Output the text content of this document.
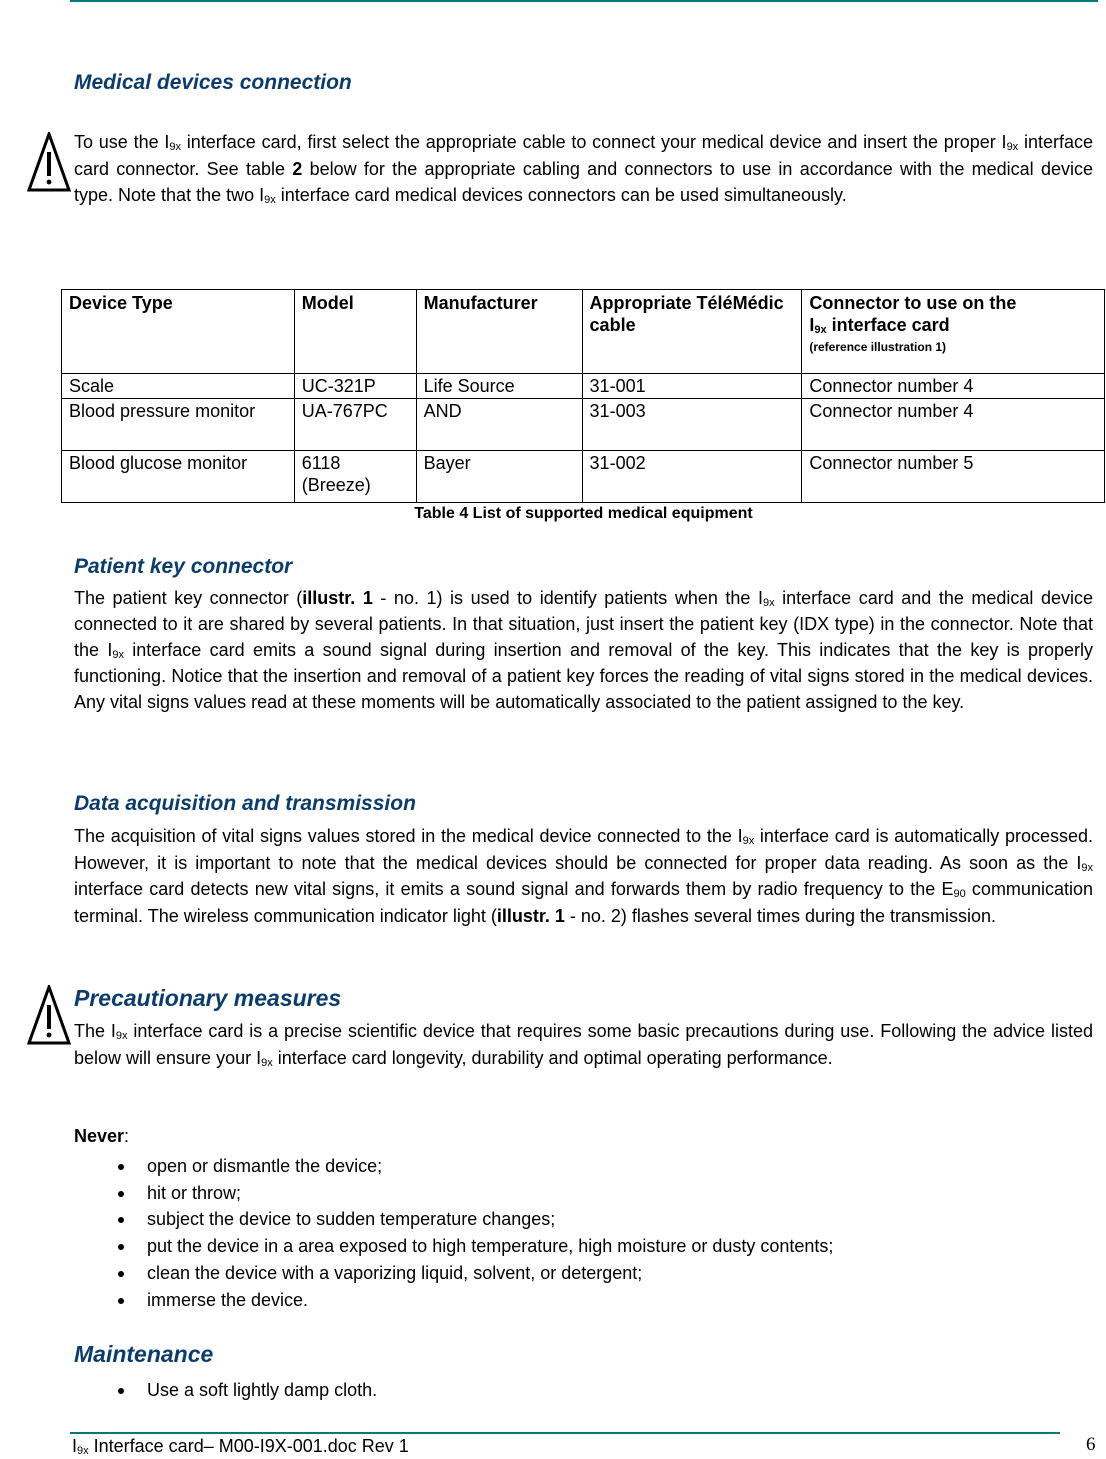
Medical devices connection

To use the $I_{9x}$ interface card, first select the appropriate cable to connect your medical device and insert the proper $I_{9x}$ interface card connector. See table 2 below for the appropriate cabling and connectors to use in accordance with the medical device type. Note that the two $I_{9x}$ interface card medical devices connectors can be used simultaneously.

Device Type	Model	Manufacturer	Appropriate TéléMédic cable	Connector to use on the
$I_{9x}$ interface card
(reference illustration 1)

Scale	UC-321P	Life Source	31-001	Connector number 4
Blood pressure monitor	UA-767PC	AND	31-003	Connector number 4
Blood glucose monitor	6118 (Breeze)	Bayer	31-002	Connector number 5
Table 4 List of supported medical equipment
Patient key connector

The patient key connector (illustr. 1 - no. 1) is used to identify patients when the $I_{9x}$ interface card and the medical device connected to it are shared by several patients. In that situation, just insert the patient key (IDX type) in the connector. Note that the $I_{9x}$ interface card emits a sound signal during insertion and removal of the key. This indicates that the key is properly functioning. Notice that the insertion and removal of a patient key forces the reading of vital signs stored in the medical devices. Any vital signs values read at these moments will be automatically associated to the patient assigned to the key.

Data acquisition and transmission

The acquisition of vital signs values stored in the medical device connected to the $I_{9x}$ interface card is automatically processed. However, it is important to note that the medical devices should be connected for proper data reading. As soon as the $I_{9x}$ interface card detects new vital signs, it emits a sound signal and forwards them by radio frequency to the $E_{90}$ communication terminal. The wireless communication indicator light (illustr. 1 - no. 2) flashes several times during the transmission.

Precautionary measures

The $I_{9x}$ interface card is a precise scientific device that requires some basic precautions during use. Following the advice listed below will ensure your $I_{9x}$ interface card longevity, durability and optimal operating performance.

Never:
open or dismantle the device;
hit or throw;
subject the device to sudden temperature changes;
put the device in a area exposed to high temperature, high moisture or dusty contents;
clean the device with a vaporizing liquid, solvent, or detergent;
immerse the device.
Maintenance
Use a soft lightly damp cloth.
$I_{9x}$ Interface card– M00-I9X-001.doc Rev 1	6
